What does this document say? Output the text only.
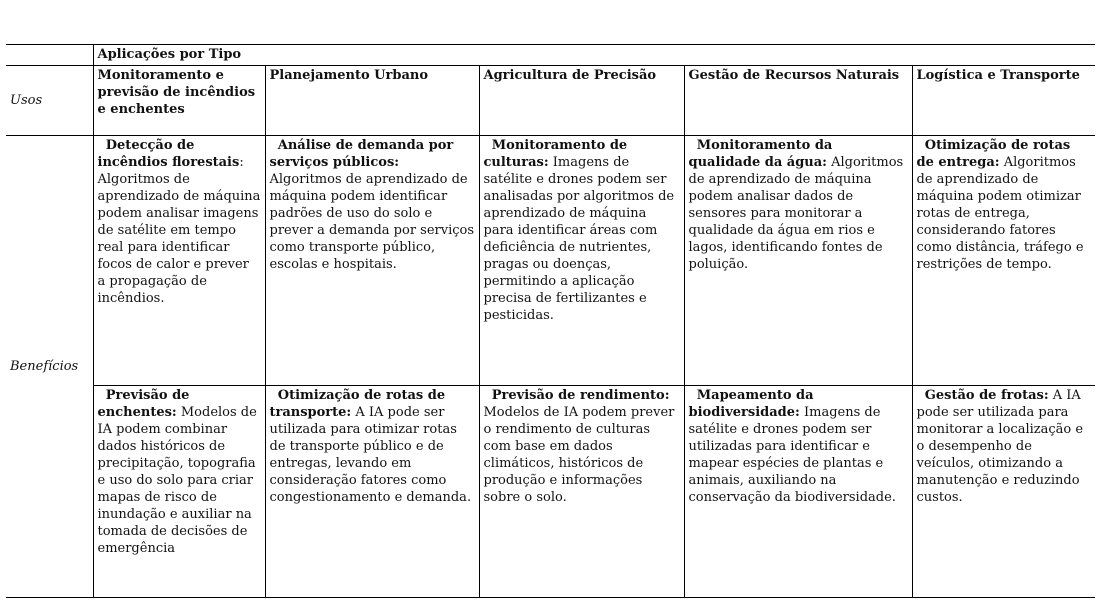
	Aplicações por Tipo				
Usos	Monitoramento e previsão de incêndios e enchentes	Planejamento Urbano	Agricultura de Precisão	Gestão de Recursos Naturais	Logística e Transporte
Benefícios	Detecção de incêndios florestais: Algoritmos de aprendizado de máquina podem analisar imagens de satélite em tempo real para identificar focos de calor e prever a propagação de incêndios.	Análise de demanda por serviços públicos: Algoritmos de aprendizado de máquina podem identificar padrões de uso do solo e prever a demanda por serviços como transporte público, escolas e hospitais.	Monitoramento de culturas: Imagens de satélite e drones podem ser analisadas por algoritmos de aprendizado de máquina para identificar áreas com deficiência de nutrientes, pragas ou doenças, permitindo a aplicação precisa de fertilizantes e pesticidas.	Monitoramento da qualidade da água: Algoritmos de aprendizado de máquina podem analisar dados de sensores para monitorar a qualidade da água em rios e lagos, identificando fontes de poluição.	Otimização de rotas de entrega: Algoritmos de aprendizado de máquina podem otimizar rotas de entrega, considerando fatores como distância, tráfego e restrições de tempo.
	Previsão de enchentes: Modelos de IA podem combinar dados históricos de precipitação, topografia e uso do solo para criar mapas de risco de inundação e auxiliar na tomada de decisões de emergência	Otimização de rotas de transporte: A IA pode ser utilizada para otimizar rotas de transporte público e de entregas, levando em consideração fatores como congestionamento e demanda.	Previsão de rendimento: Modelos de IA podem prever o rendimento de culturas com base em dados climáticos, históricos de produção e informações sobre o solo.	Mapeamento da biodiversidade: Imagens de satélite e drones podem ser utilizadas para identificar e mapear espécies de plantas e animais, auxiliando na conservação da biodiversidade.	Gestão de frotas: A IA pode ser utilizada para monitorar a localização e o desempenho de veículos, otimizando a manutenção e reduzindo custos.
